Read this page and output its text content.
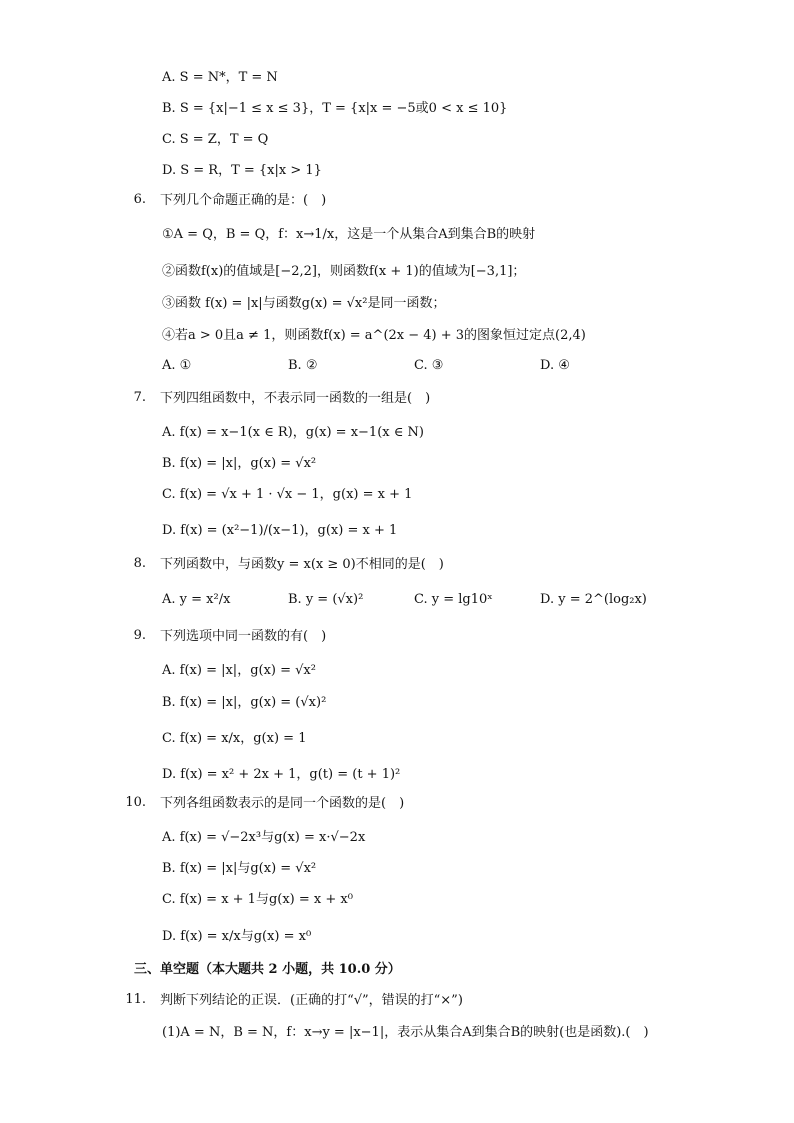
A. S = N*，T = N
B. S = {x|−1 ≤ x ≤ 3}，T = {x|x = −5或0 < x ≤ 10}
C. S = Z，T = Q
D. S = R，T = {x|x > 1}
6. 下列几个命题正确的是：(　)
①A = Q，B = Q，f：x→1/x，这是一个从集合A到集合B的映射
②函数f(x)的值域是[−2,2]，则函数f(x + 1)的值域为[−3,1]；
③函数 f(x) = |x|与函数g(x) = √x²是同一函数；
④若a > 0且a ≠ 1，则函数f(x) = a^(2x − 4) + 3的图象恒过定点(2,4)
A. ①	B. ②	C. ③	D. ④
7. 下列四组函数中，不表示同一函数的一组是(　)
A. f(x) = x−1(x ∈ R)，g(x) = x−1(x ∈ N)
B. f(x) = |x|，g(x) = √x²
C. f(x) = √x + 1 · √x − 1，g(x) = x + 1
D. f(x) = (x²−1)/(x−1)，g(x) = x + 1
8. 下列函数中，与函数y = x(x ≥ 0)不相同的是(　)
A. y = x²/x	B. y = (√x)²	C. y = lg10ˣ	D. y = 2^(log₂x)
9. 下列选项中同一函数的有(　)
A. f(x) = |x|，g(x) = √x²
B. f(x) = |x|，g(x) = (√x)²
C. f(x) = x/x，g(x) = 1
D. f(x) = x² + 2x + 1，g(t) = (t + 1)²
10. 下列各组函数表示的是同一个函数的是(　)
A. f(x) = √−2x³与g(x) = x·√−2x
B. f(x) = |x|与g(x) = √x²
C. f(x) = x + 1与g(x) = x + x⁰
D. f(x) = x/x与g(x) = x⁰
三、单空题（本大题共 2 小题，共 10.0 分）
11. 判断下列结论的正误．(正确的打“√”，错误的打“×”)
(1)A = N，B = N，f：x→y = |x−1|，表示从集合A到集合B的映射(也是函数).(　)
